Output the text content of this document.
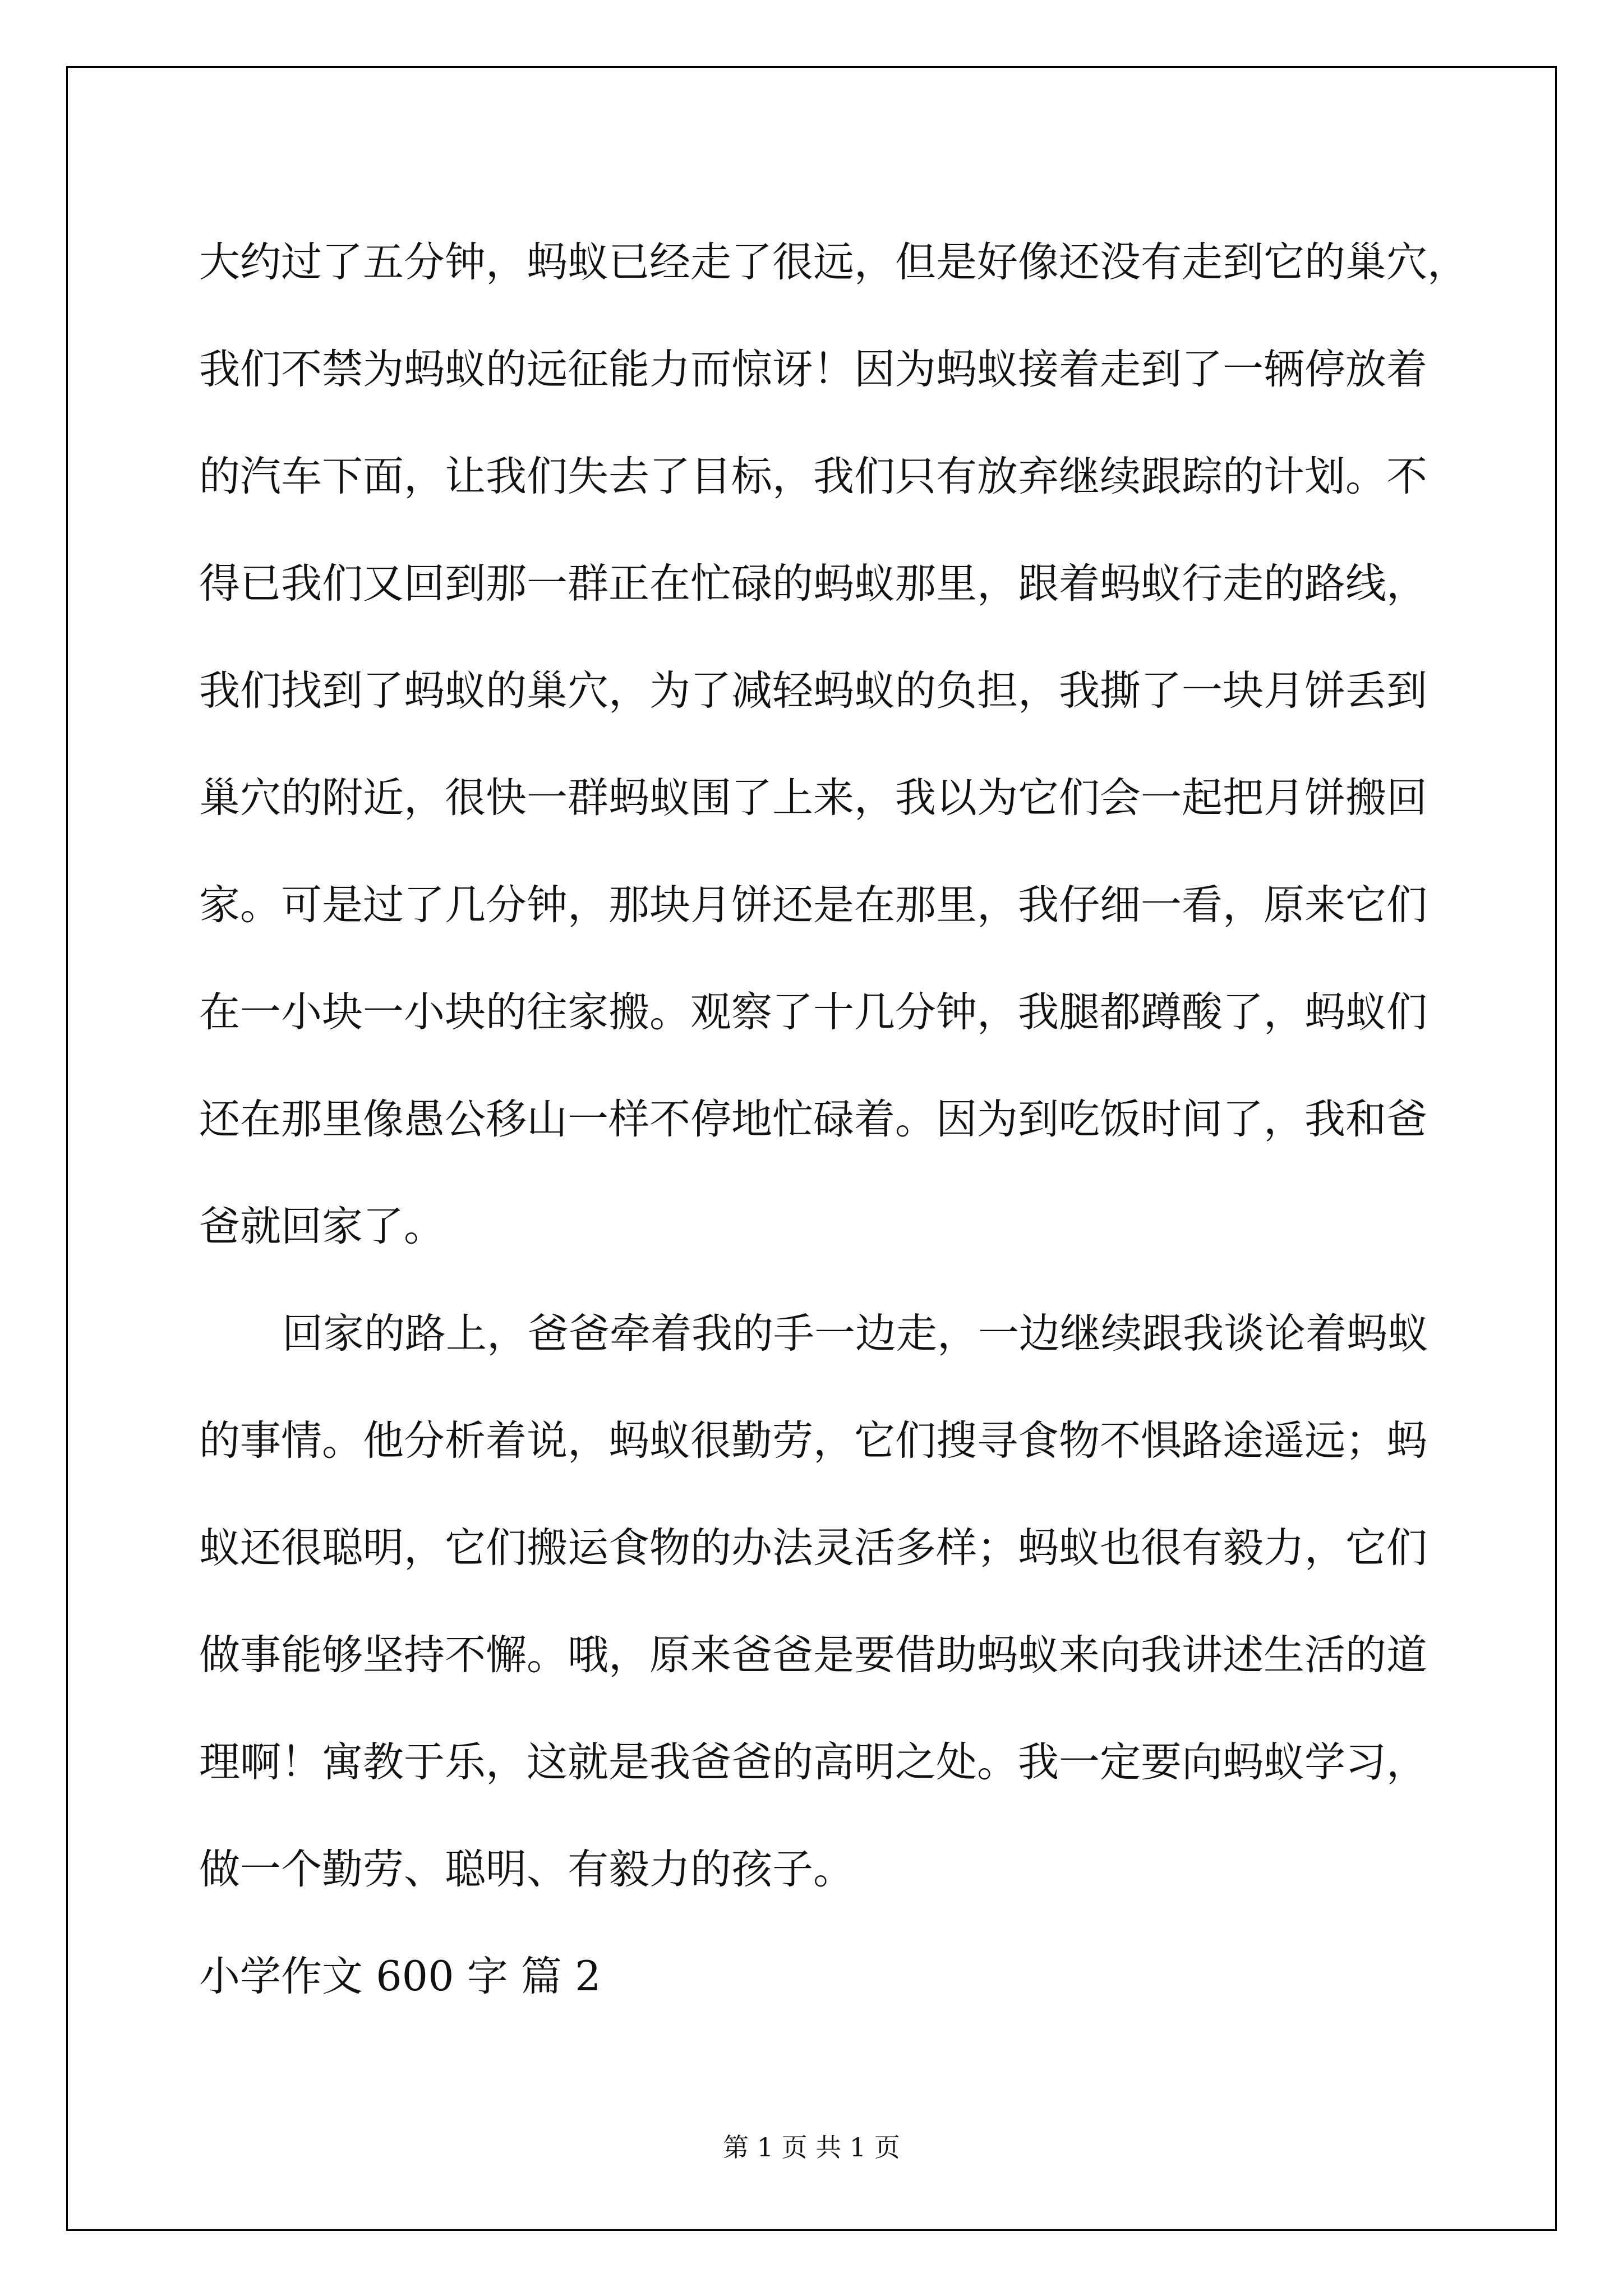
大约过了五分钟，蚂蚁已经走了很远，但是好像还没有走到它的巢穴，
我们不禁为蚂蚁的远征能力而惊讶！因为蚂蚁接着走到了一辆停放着
的汽车下面，让我们失去了目标，我们只有放弃继续跟踪的计划。不
得已我们又回到那一群正在忙碌的蚂蚁那里，跟着蚂蚁行走的路线，
我们找到了蚂蚁的巢穴，为了减轻蚂蚁的负担，我撕了一块月饼丢到
巢穴的附近，很快一群蚂蚁围了上来，我以为它们会一起把月饼搬回
家。可是过了几分钟，那块月饼还是在那里，我仔细一看，原来它们
在一小块一小块的往家搬。观察了十几分钟，我腿都蹲酸了，蚂蚁们
还在那里像愚公移山一样不停地忙碌着。因为到吃饭时间了，我和爸
爸就回家了。
回家的路上，爸爸牵着我的手一边走，一边继续跟我谈论着蚂蚁
的事情。他分析着说，蚂蚁很勤劳，它们搜寻食物不惧路途遥远；蚂
蚁还很聪明，它们搬运食物的办法灵活多样；蚂蚁也很有毅力，它们
做事能够坚持不懈。哦，原来爸爸是要借助蚂蚁来向我讲述生活的道
理啊！寓教于乐，这就是我爸爸的高明之处。我一定要向蚂蚁学习，
做一个勤劳、聪明、有毅力的孩子。
小学作文 600 字 篇 2
第 1 页 共 1 页
